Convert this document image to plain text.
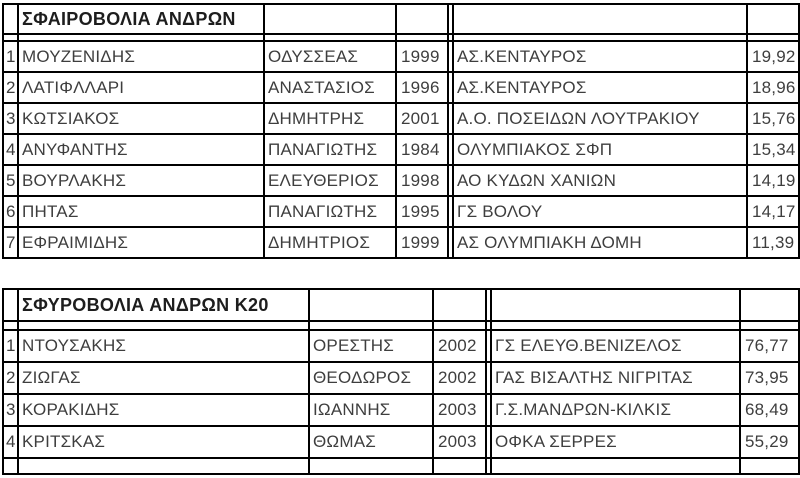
	ΣΦΑΙΡΟΒΟΛΙΑ ΑΝΔΡΩΝ					

1	ΜΟΥΖΕΝΙΔΗΣ	ΟΔΥΣΣΕΑΣ	1999		ΑΣ.ΚΕΝΤΑΥΡΟΣ	19,92
2	ΛΑΤΙΦΛΛΑΡΙ	ΑΝΑΣΤΑΣΙΟΣ	1996		ΑΣ.ΚΕΝΤΑΥΡΟΣ	18,96
3	ΚΩΤΣΙΑΚΟΣ	ΔΗΜΗΤΡΗΣ	2001		Α.Ο. ΠΟΣΕΙΔΩΝ ΛΟΥΤΡΑΚΙΟΥ	15,76
4	ΑΝΥΦΑΝΤΗΣ	ΠΑΝΑΓΙΩΤΗΣ	1984		ΟΛΥΜΠΙΑΚΟΣ ΣΦΠ	15,34
5	ΒΟΥΡΛΑΚΗΣ	ΕΛΕΥΘΕΡΙΟΣ	1998		ΑΟ ΚΥΔΩΝ ΧΑΝΙΩΝ	14,19
6	ΠΗΤΑΣ	ΠΑΝΑΓΙΩΤΗΣ	1995		ΓΣ ΒΟΛΟΥ	14,17
7	ΕΦΡΑΙΜΙΔΗΣ	ΔΗΜΗΤΡΙΟΣ	1999		ΑΣ ΟΛΥΜΠΙΑΚΗ ΔΟΜΗ	11,39
	ΣΦΥΡΟΒΟΛΙΑ ΑΝΔΡΩΝ Κ20					

1	ΝΤΟΥΣΑΚΗΣ	ΟΡΕΣΤΗΣ	2002		ΓΣ ΕΛΕΥΘ.ΒΕΝΙΖΕΛΟΣ	76,77
2	ΖΙΩΓΑΣ	ΘΕΟΔΩΡΟΣ	2002		ΓΑΣ ΒΙΣΑΛΤΗΣ ΝΙΓΡΙΤΑΣ	73,95
3	ΚΟΡΑΚΙΔΗΣ	ΙΩΑΝΝΗΣ	2003		Γ.Σ.ΜΑΝΔΡΩΝ-ΚΙΛΚΙΣ	68,49
4	ΚΡΙΤΣΚΑΣ	ΘΩΜΑΣ	2003		ΟΦΚΑ ΣΕΡΡΕΣ	55,29
